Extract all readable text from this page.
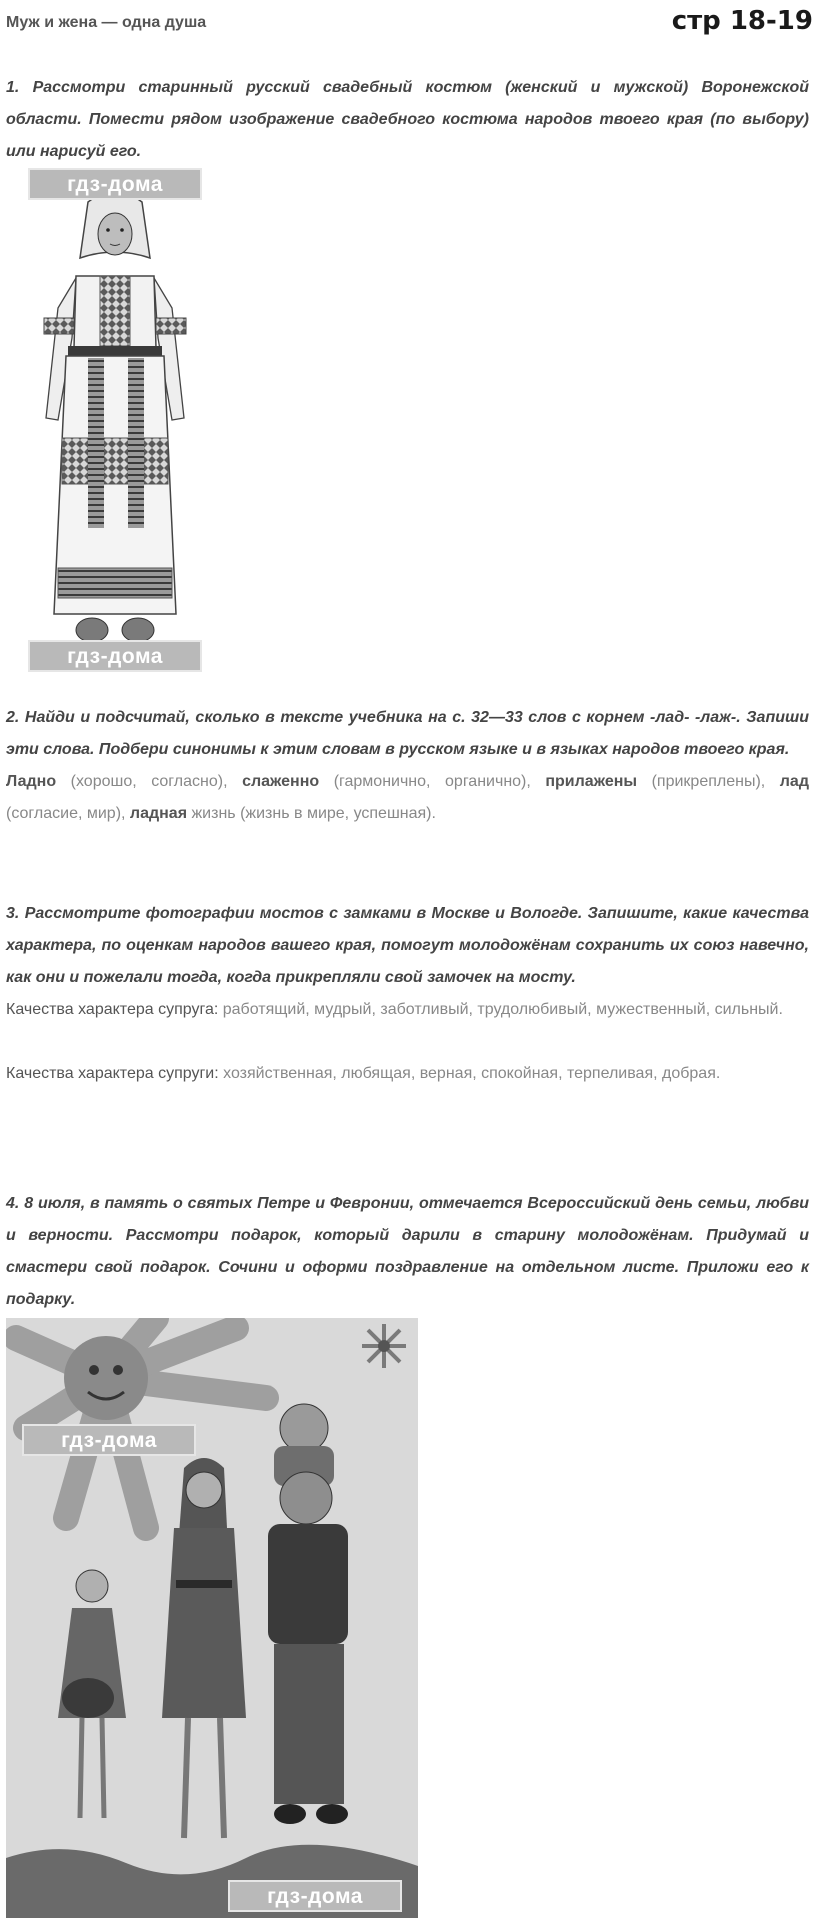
Муж и жена — одна душа	стр 18-19
1. Рассмотри старинный русский свадебный костюм (женский и мужской) Воронежской области. Помести рядом изображение свадебного костюма народов твоего края (по выбору) или нарисуй его.
гдз-дома
гдз-дома
2. Найди и подсчитай, сколько в тексте учебника на с. 32—33 слов с корнем -лад- -лаж-. Запиши эти слова. Подбери синонимы к этим словам в русском языке и в языках народов твоего края.
Ладно (хорошо, согласно), слаженно (гармонично, органично), прилажены (прикреплены), лад (согласие, мир), ладная жизнь (жизнь в мире, успешная).
3. Рассмотрите фотографии мостов с замками в Москве и Вологде. Запишите, какие качества характера, по оценкам народов вашего края, помогут молодожёнам сохранить их союз навечно, как они и пожелали тогда, когда прикрепляли свой замочек на мосту.
Качества характера супруга: работящий, мудрый, заботливый, трудолюбивый, мужественный, сильный.
Качества характера супруги: хозяйственная, любящая, верная, спокойная, терпеливая, добрая.
4. 8 июля, в память о святых Петре и Февронии, отмечается Всероссийский день семьи, любви и верности. Рассмотри подарок, который дарили в старину молодожёнам. Придумай и смастери свой подарок. Сочини и оформи поздравление на отдельном листе. Приложи его к подарку.
гдз-дома
гдз-дома
